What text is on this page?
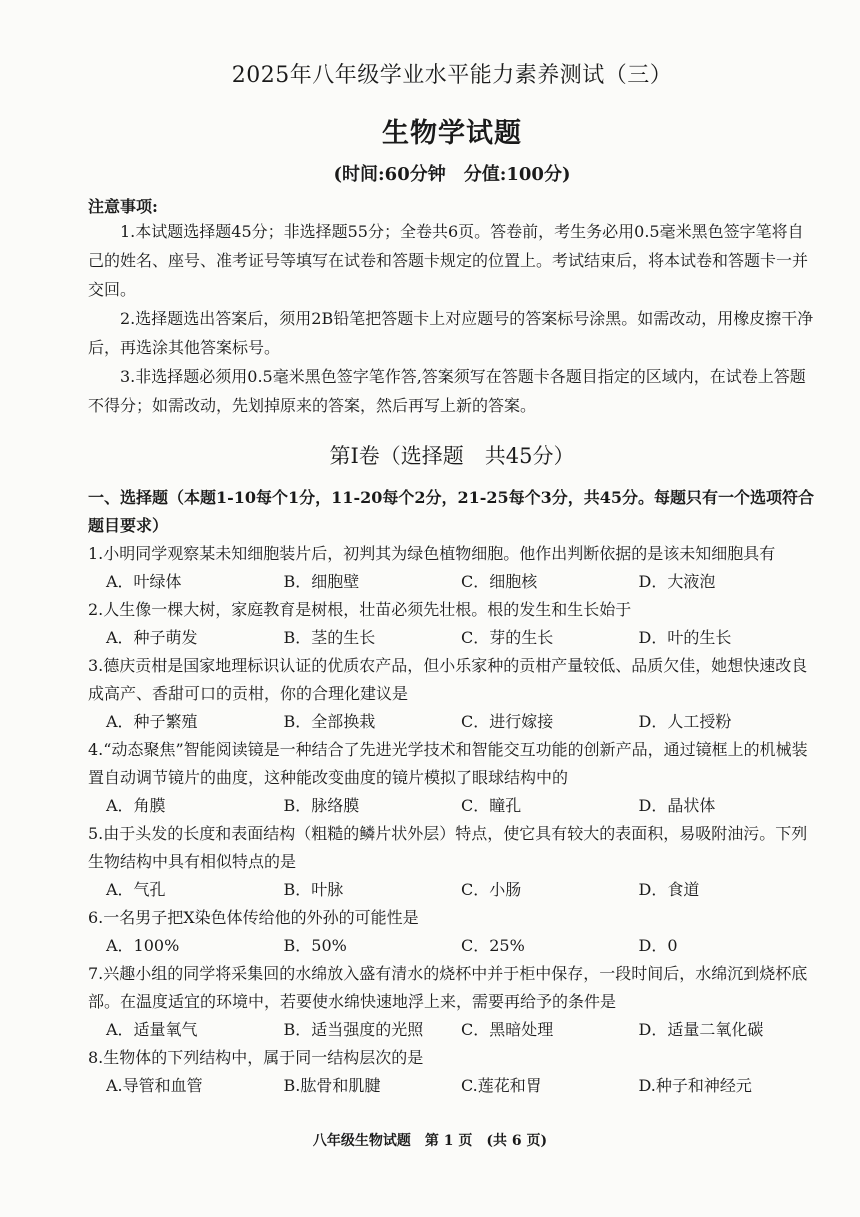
2025年八年级学业水平能力素养测试（三）
生物学试题
(时间:60分钟　分值:100分)
注意事项:

1.本试题选择题45分；非选择题55分；全卷共6页。答卷前，考生务必用0.5毫米黑色签字笔将自己的姓名、座号、准考证号等填写在试卷和答题卡规定的位置上。考试结束后，将本试卷和答题卡一并交回。

2.选择题选出答案后，须用2B铅笔把答题卡上对应题号的答案标号涂黑。如需改动，用橡皮擦干净后，再选涂其他答案标号。

3.非选择题必须用0.5毫米黑色签字笔作答,答案须写在答题卡各题目指定的区域内，在试卷上答题不得分；如需改动，先划掉原来的答案，然后再写上新的答案。

第Ⅰ卷（选择题　共45分）
一、选择题（本题1-10每个1分，11-20每个2分，21-25每个3分，共45分。每题只有一个选项符合题目要求）

1.小明同学观察某未知细胞装片后，初判其为绿色植物细胞。他作出判断依据的是该未知细胞具有

A．叶绿体	B．细胞壁	C．细胞核	D．大液泡

2.人生像一棵大树，家庭教育是树根，壮苗必须先壮根。根的发生和生长始于

A．种子萌发	B．茎的生长	C．芽的生长	D．叶的生长

3.德庆贡柑是国家地理标识认证的优质农产品，但小乐家种的贡柑产量较低、品质欠佳，她想快速改良成高产、香甜可口的贡柑，你的合理化建议是

A．种子繁殖	B．全部换栽	C．进行嫁接	D．人工授粉

4.“动态聚焦”智能阅读镜是一种结合了先进光学技术和智能交互功能的创新产品，通过镜框上的机械装置自动调节镜片的曲度，这种能改变曲度的镜片模拟了眼球结构中的

A．角膜	B．脉络膜	C．瞳孔	D．晶状体

5.由于头发的长度和表面结构（粗糙的鳞片状外层）特点，使它具有较大的表面积，易吸附油污。下列生物结构中具有相似特点的是

A．气孔	B．叶脉	C．小肠	D．食道

6.一名男子把X染色体传给他的外孙的可能性是

A．100%	B．50%	C．25%	D．0

7.兴趣小组的同学将采集回的水绵放入盛有清水的烧杯中并于柜中保存，一段时间后，水绵沉到烧杯底部。在温度适宜的环境中，若要使水绵快速地浮上来，需要再给予的条件是

A．适量氧气	B．适当强度的光照	C．黑暗处理	D．适量二氧化碳

8.生物体的下列结构中，属于同一结构层次的是

A.导管和血管	B.肱骨和肌腱	C.莲花和胃	D.种子和神经元
八年级生物试题　第 1 页　(共 6 页)
